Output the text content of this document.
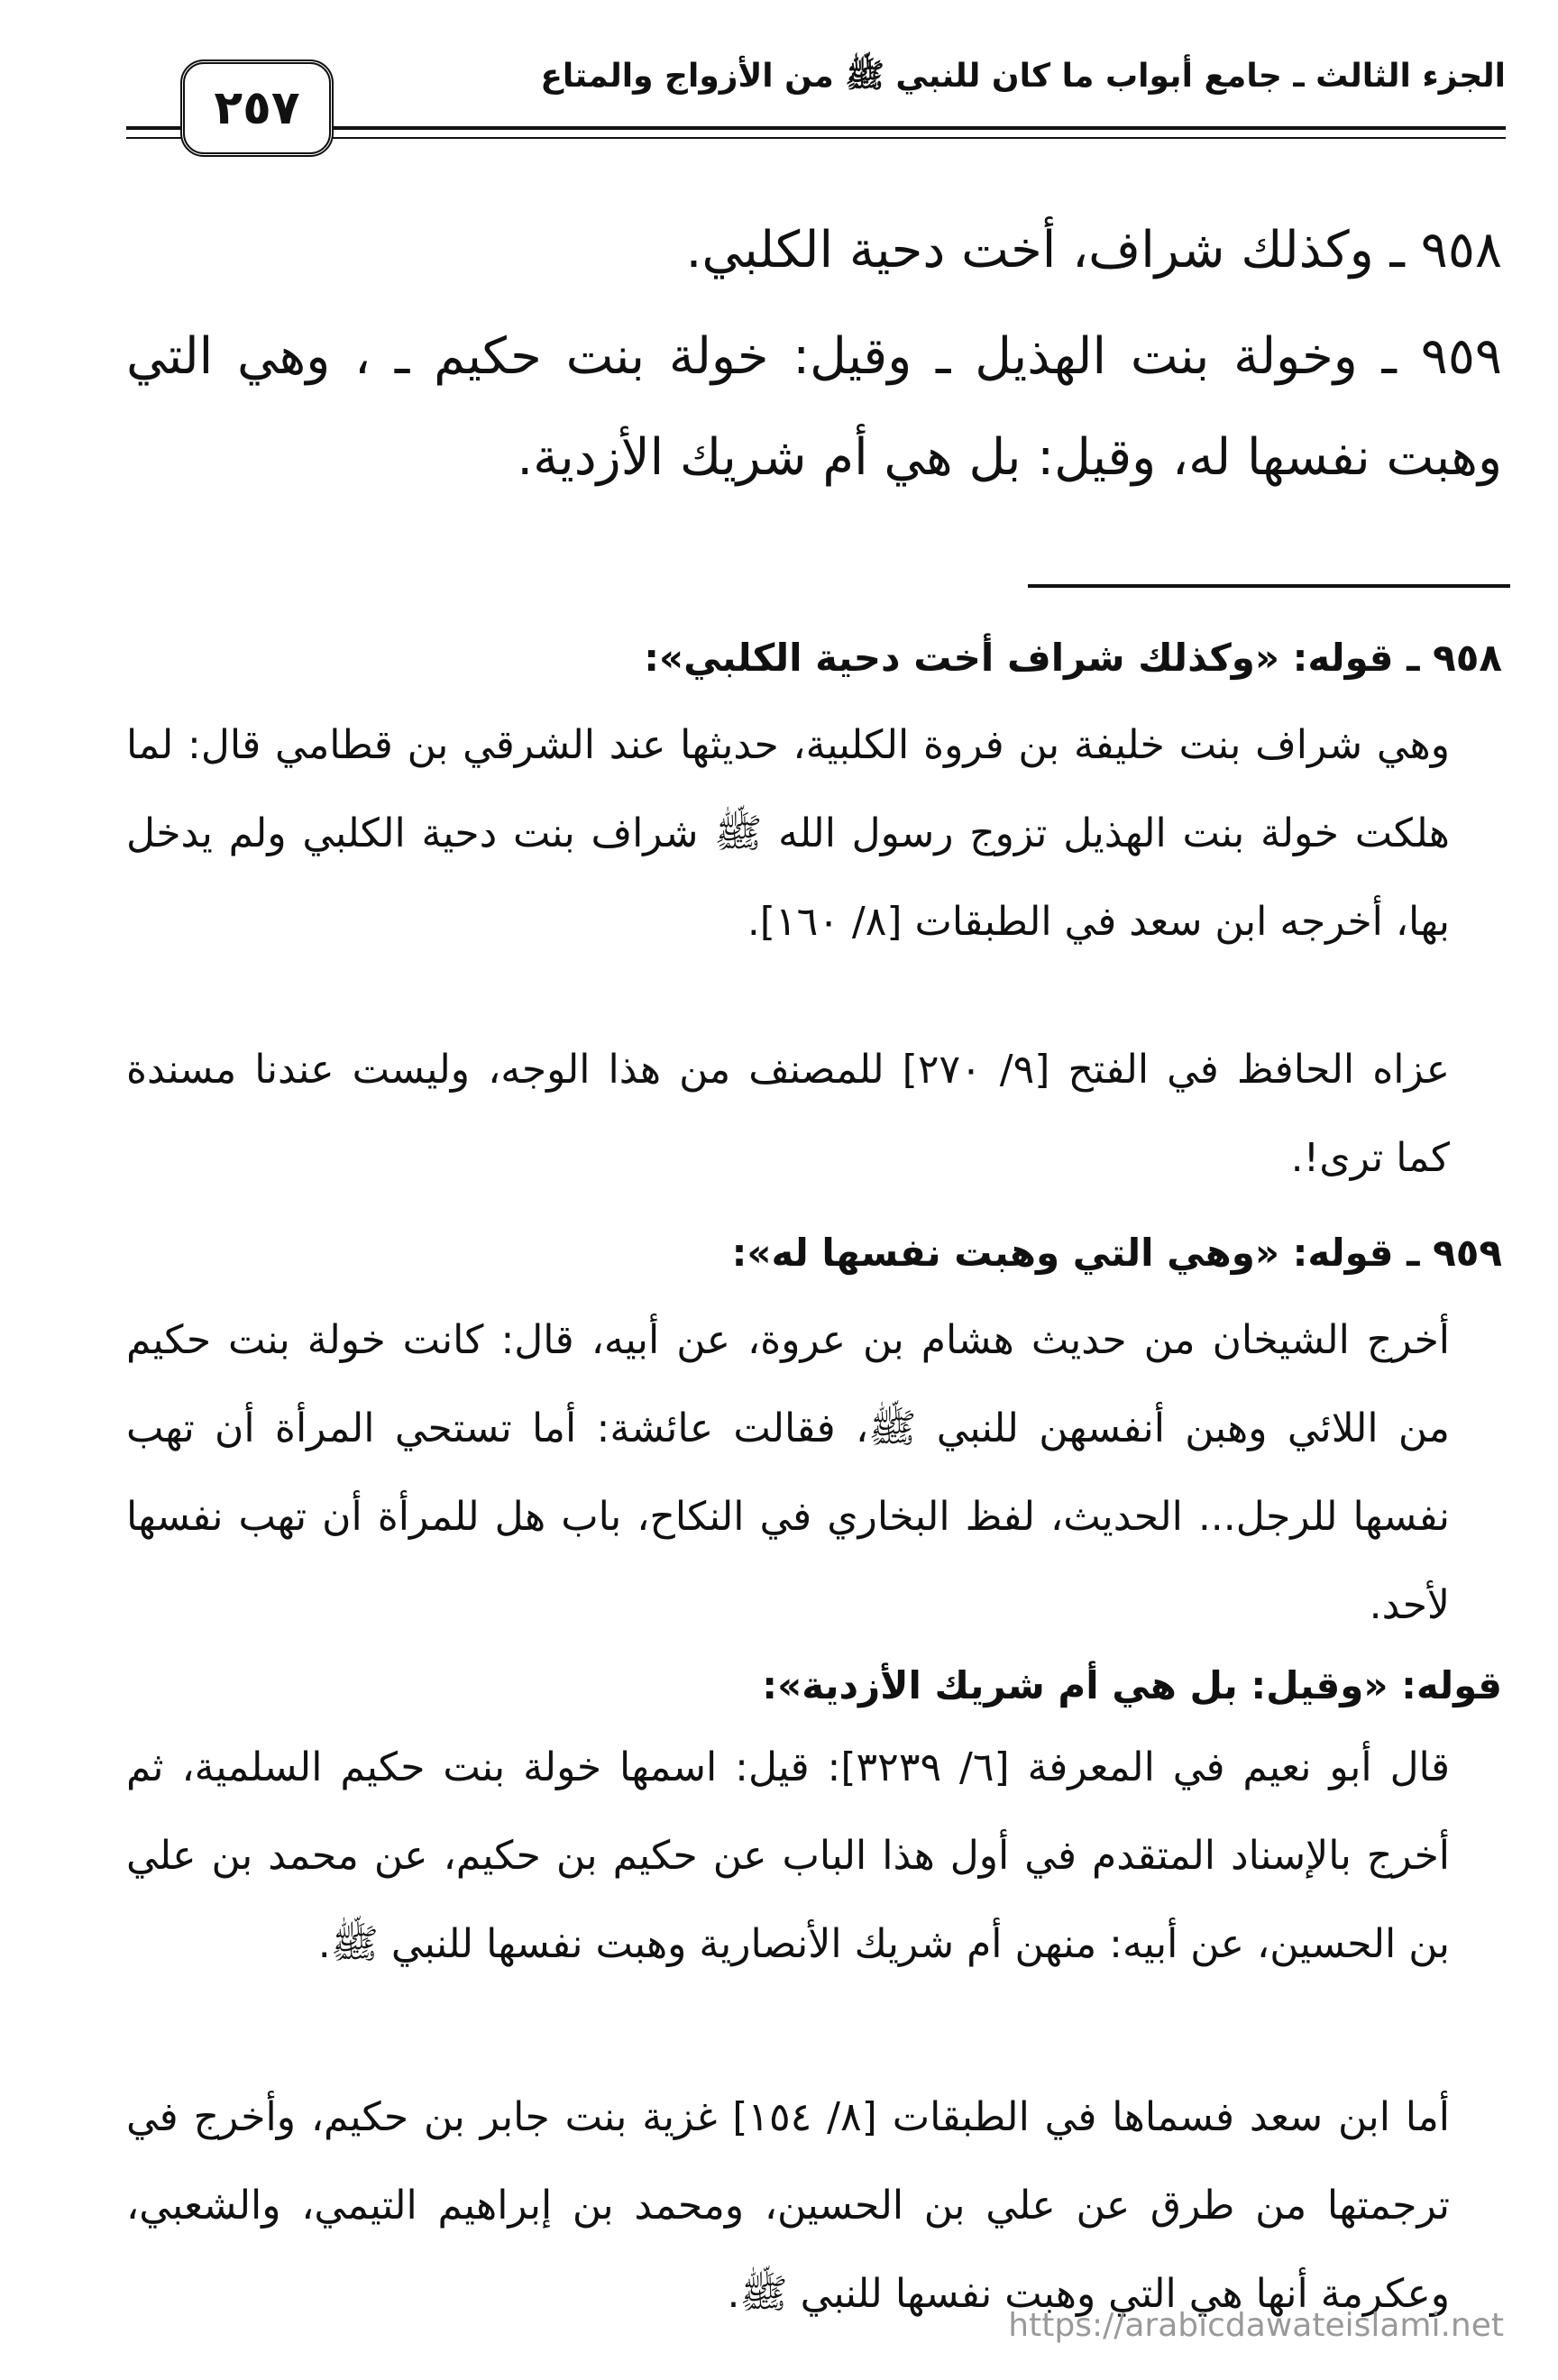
الجزء الثالث ـ جامع أبواب ما كان للنبي ﷺ من الأزواج والمتاع
٢٥٧
٩٥٨ ـ وكذلك شراف، أخت دحية الكلبي.
٩٥٩ ـ وخولة بنت الهذيل ـ وقيل: خولة بنت حكيم ـ ، وهي التي وهبت نفسها له، وقيل: بل هي أم شريك الأزدية.
٩٥٨ ـ قوله: «وكذلك شراف أخت دحية الكلبي»:
وهي شراف بنت خليفة بن فروة الكلبية، حديثها عند الشرقي بن قطامي قال: لما هلكت خولة بنت الهذيل تزوج رسول الله ﷺ شراف بنت دحية الكلبي ولم يدخل بها، أخرجه ابن سعد في الطبقات [٨/ ١٦٠].
عزاه الحافظ في الفتح [٩/ ٢٧٠] للمصنف من هذا الوجه، وليست عندنا مسندة كما ترى!.
٩٥٩ ـ قوله: «وهي التي وهبت نفسها له»:
أخرج الشيخان من حديث هشام بن عروة، عن أبيه، قال: كانت خولة بنت حكيم من اللائي وهبن أنفسهن للنبي ﷺ، فقالت عائشة: أما تستحي المرأة أن تهب نفسها للرجل... الحديث، لفظ البخاري في النكاح، باب هل للمرأة أن تهب نفسها لأحد.
قوله: «وقيل: بل هي أم شريك الأزدية»:
قال أبو نعيم في المعرفة [٦/ ٣٢٣٩]: قيل: اسمها خولة بنت حكيم السلمية، ثم أخرج بالإسناد المتقدم في أول هذا الباب عن حكيم بن حكيم، عن محمد بن علي بن الحسين، عن أبيه: منهن أم شريك الأنصارية وهبت نفسها للنبي ﷺ.
أما ابن سعد فسماها في الطبقات [٨/ ١٥٤] غزية بنت جابر بن حكيم، وأخرج في ترجمتها من طرق عن علي بن الحسين، ومحمد بن إبراهيم التيمي، والشعبي، وعكرمة أنها هي التي وهبت نفسها للنبي ﷺ.
https://arabicdawateislami.net
